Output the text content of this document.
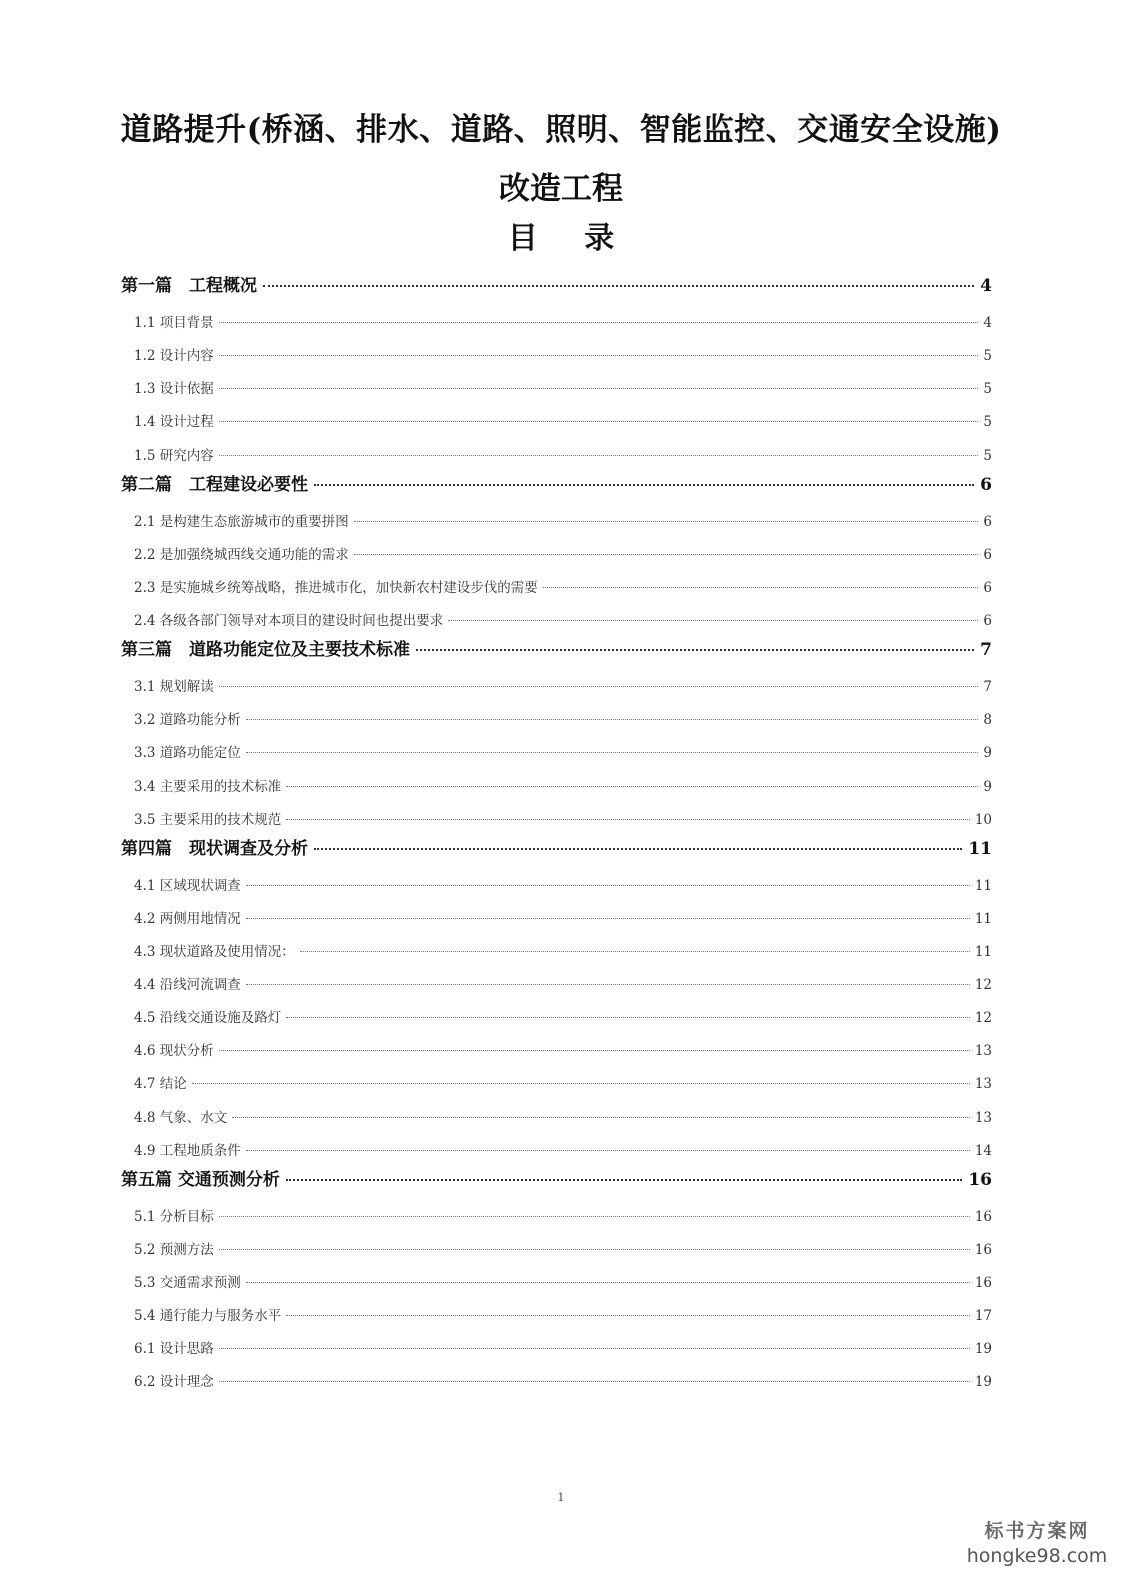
道路提升(桥涵、排水、道路、照明、智能监控、交通安全设施)
改造工程
目 录
第一篇　工程概况	4
1.1 项目背景	4
1.2 设计内容	5
1.3 设计依据	5
1.4 设计过程	5
1.5 研究内容	5
第二篇　工程建设必要性	6
2.1 是构建生态旅游城市的重要拼图	6
2.2 是加强绕城西线交通功能的需求	6
2.3 是实施城乡统筹战略，推进城市化，加快新农村建设步伐的需要	6
2.4 各级各部门领导对本项目的建设时间也提出要求	6
第三篇　道路功能定位及主要技术标准	7
3.1 规划解读	7
3.2 道路功能分析	8
3.3 道路功能定位	9
3.4 主要采用的技术标准	9
3.5 主要采用的技术规范	10
第四篇　现状调查及分析	11
4.1 区域现状调查	11
4.2 两侧用地情况	11
4.3 现状道路及使用情况：	11
4.4 沿线河流调查	12
4.5 沿线交通设施及路灯	12
4.6 现状分析	13
4.7 结论	13
4.8 气象、水文	13
4.9 工程地质条件	14
第五篇 交通预测分析	16
5.1 分析目标	16
5.2 预测方法	16
5.3 交通需求预测	16
5.4 通行能力与服务水平	17
6.1 设计思路	19
6.2 设计理念	19
1
标书方案网
hongke98.com
